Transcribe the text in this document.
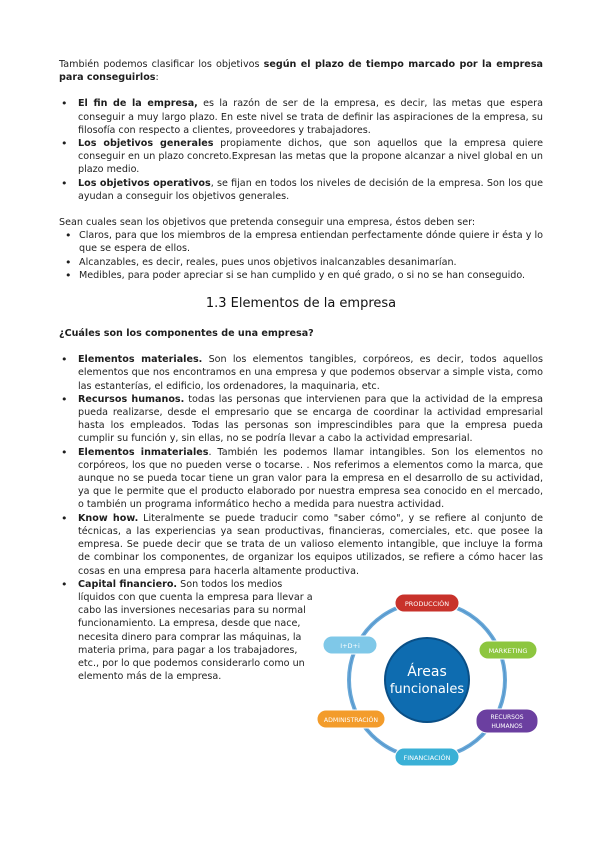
También podemos clasificar los objetivos según el plazo de tiempo marcado por la empresa para conseguirlos:

• El fin de la empresa, es la razón de ser de la empresa, es decir, las metas que espera conseguir a muy largo plazo. En este nivel se trata de definir las aspiraciones de la empresa, su filosofía con respecto a clientes, proveedores y trabajadores.
• Los objetivos generales propiamente dichos, que son aquellos que la empresa quiere conseguir en un plazo concreto.Expresan las metas que la propone alcanzar a nivel global en un plazo medio.
• Los objetivos operativos, se fijan en todos los niveles de decisión de la empresa. Son los que ayudan a conseguir los objetivos generales.

Sean cuales sean los objetivos que pretenda conseguir una empresa, éstos deben ser:

• Claros, para que los miembros de la empresa entiendan perfectamente dónde quiere ir ésta y lo que se espera de ellos.
• Alcanzables, es decir, reales, pues unos objetivos inalcanzables desanimarían.
• Medibles, para poder apreciar si se han cumplido y en qué grado, o si no se han conseguido.
1.3 Elementos de la empresa

¿Cuáles son los componentes de una empresa?

• Elementos materiales. Son los elementos tangibles, corpóreos, es decir, todos aquellos elementos que nos encontramos en una empresa y que podemos observar a simple vista, como las estanterías, el edificio, los ordenadores, la maquinaria, etc.
• Recursos humanos. todas las personas que intervienen para que la actividad de la empresa pueda realizarse, desde el empresario que se encarga de coordinar la actividad empresarial hasta los empleados. Todas las personas son imprescindibles para que la empresa pueda cumplir su función y, sin ellas, no se podría llevar a cabo la actividad empresarial.
• Elementos inmateriales. También les podemos llamar intangibles. Son los elementos no corpóreos, los que no pueden verse o tocarse. . Nos referimos a elementos como la marca, que aunque no se pueda tocar tiene un gran valor para la empresa en el desarrollo de su actividad, ya que le permite que el producto elaborado por nuestra empresa sea conocido en el mercado, o también un programa informático hecho a medida para nuestra actividad.
• Know how. Literalmente se puede traducir como "saber cómo", y se refiere al conjunto de técnicas, a las experiencias ya sean productivas, financieras, comerciales, etc. que posee la empresa. Se puede decir que se trata de un valioso elemento intangible, que incluye la forma de combinar los componentes, de organizar los equipos utilizados, se refiere a cómo hacer las cosas en una empresa para hacerla altamente productiva.
• Capital financiero. Son todos los medios líquidos con que cuenta la empresa para llevar a cabo las inversiones necesarias para su normal funcionamiento. La empresa, desde que nace, necesita dinero para comprar las máquinas, la materia prima, para pagar a los trabajadores, etc., por lo que podemos considerarlo como un elemento más de la empresa.	Áreas
funcionales
PRODUCCIÓN
MARKETING
RECURSOS
HUMANOS
FINANCIACIÓN
ADMINISTRACIÓN
I+D+i
